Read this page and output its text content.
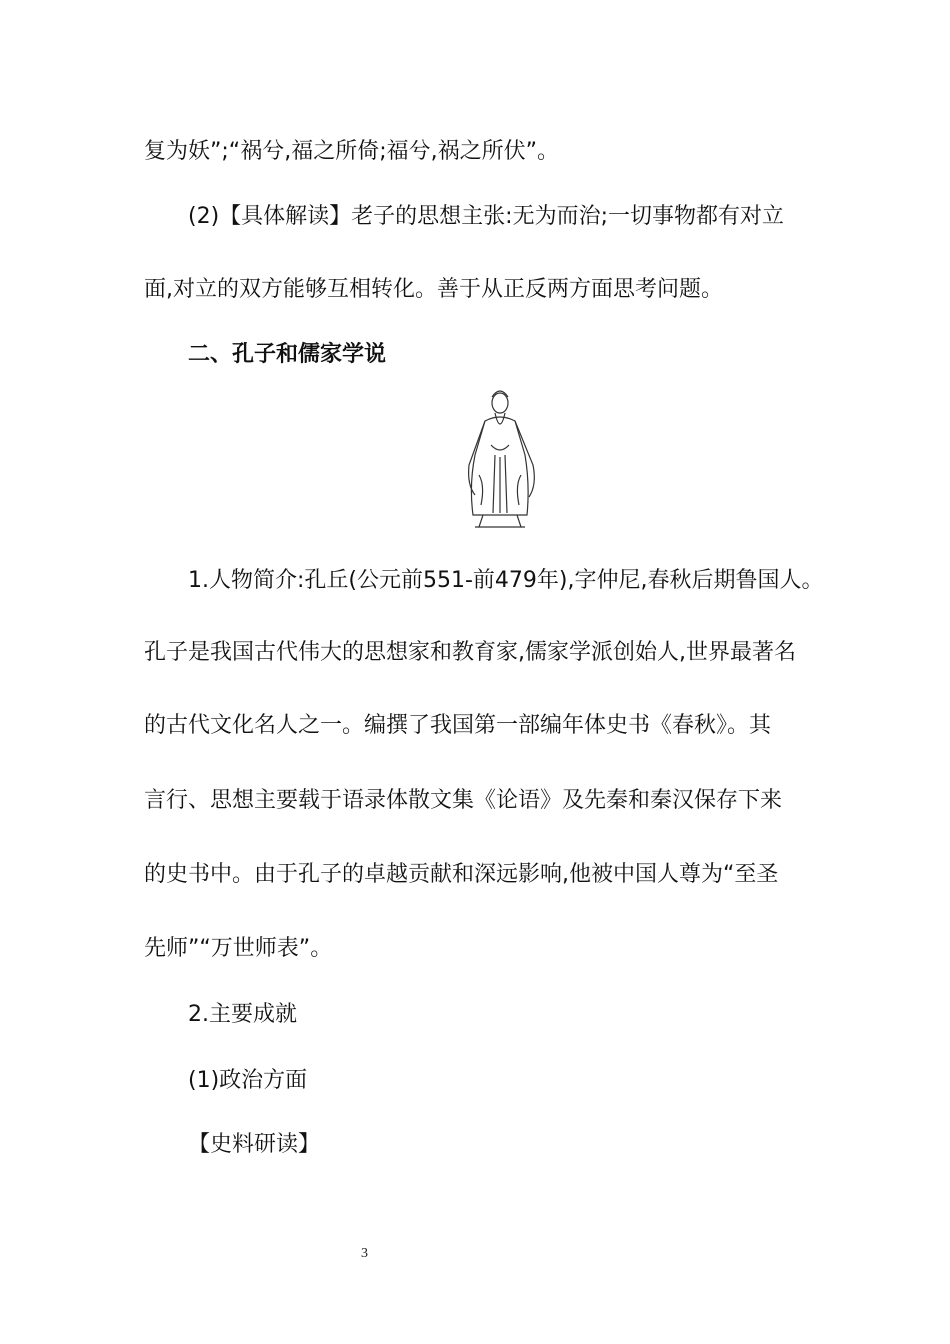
复为妖”;“祸兮,福之所倚;福兮,祸之所伏”。
(2)【具体解读】老子的思想主张:无为而治;一切事物都有对立
面,对立的双方能够互相转化。善于从正反两方面思考问题。
二、孔子和儒家学说
1.人物简介:孔丘(公元前551-前479年),字仲尼,春秋后期鲁国人。
孔子是我国古代伟大的思想家和教育家,儒家学派创始人,世界最著名
的古代文化名人之一。编撰了我国第一部编年体史书《春秋》。其
言行、思想主要载于语录体散文集《论语》及先秦和秦汉保存下来
的史书中。由于孔子的卓越贡献和深远影响,他被中国人尊为“至圣
先师”“万世师表”。
2.主要成就
(1)政治方面
【史料研读】
3
